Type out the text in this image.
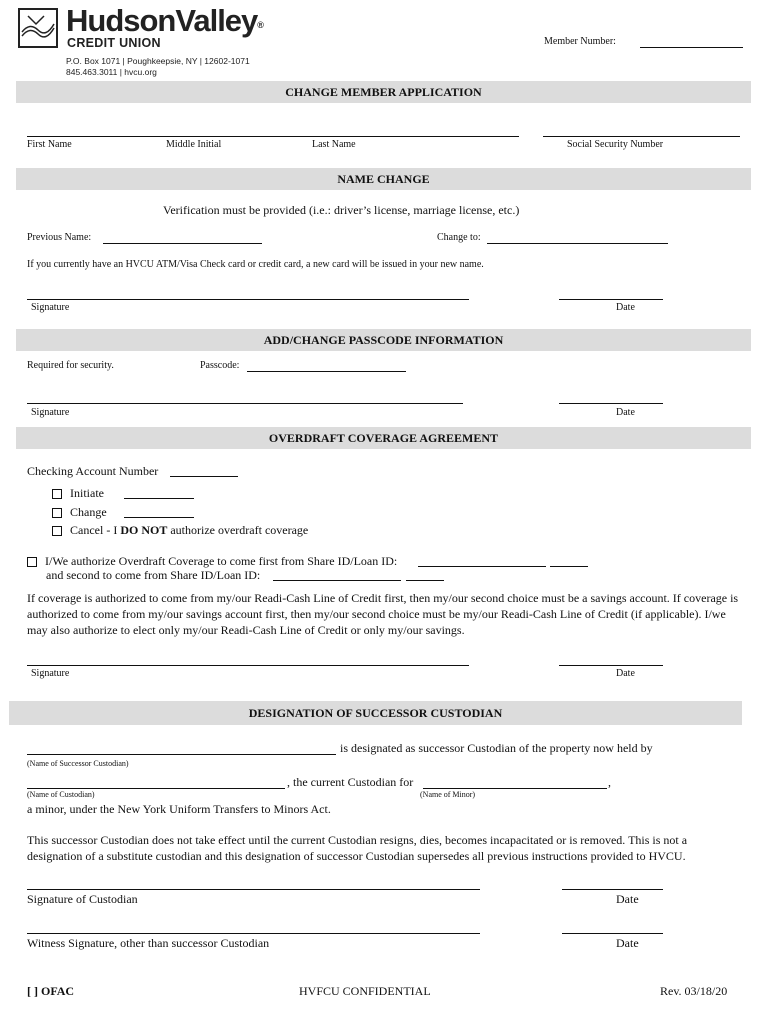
HudsonValley®
CREDIT UNION
P.O. Box 1071 | Poughkeepsie, NY | 12602-1071
845.463.3011 | hvcu.org
Member Number:
CHANGE MEMBER APPLICATION
First Name	Middle Initial	Last Name	Social Security Number
NAME CHANGE
Verification must be provided (i.e.: driver’s license, marriage license, etc.)
Previous Name:	Change to:
If you currently have an HVCU ATM/Visa Check card or credit card, a new card will be issued in your new name.
Signature	Date
ADD/CHANGE PASSCODE INFORMATION
Required for security.	Passcode:
Signature	Date
OVERDRAFT COVERAGE AGREEMENT
Checking Account Number
Initiate
Change
Cancel - I DO NOT authorize overdraft coverage
I/We authorize Overdraft Coverage to come first from Share ID/Loan ID:
and second to come from Share ID/Loan ID:
If coverage is authorized to come from my/our Readi-Cash Line of Credit first, then my/our second choice must be a savings account. If coverage is authorized to come from my/our savings account first, then my/our second choice must be my/our Readi-Cash Line of Credit (if applicable). I/we may also authorize to elect only my/our Readi-Cash Line of Credit or only my/our savings.
Signature	Date
DESIGNATION OF SUCCESSOR CUSTODIAN
is designated as successor Custodian of the property now held by
(Name of Successor Custodian)
, the current Custodian for	,
(Name of Custodian)	(Name of Minor)
a minor, under the New York Uniform Transfers to Minors Act.
This successor Custodian does not take effect until the current Custodian resigns, dies, becomes incapacitated or is removed. This is not a designation of a substitute custodian and this designation of successor Custodian supersedes all previous instructions provided to HVCU.
Signature of Custodian	Date
Witness Signature, other than successor Custodian	Date
[ ] OFAC	HVFCU CONFIDENTIAL	Rev. 03/18/20
